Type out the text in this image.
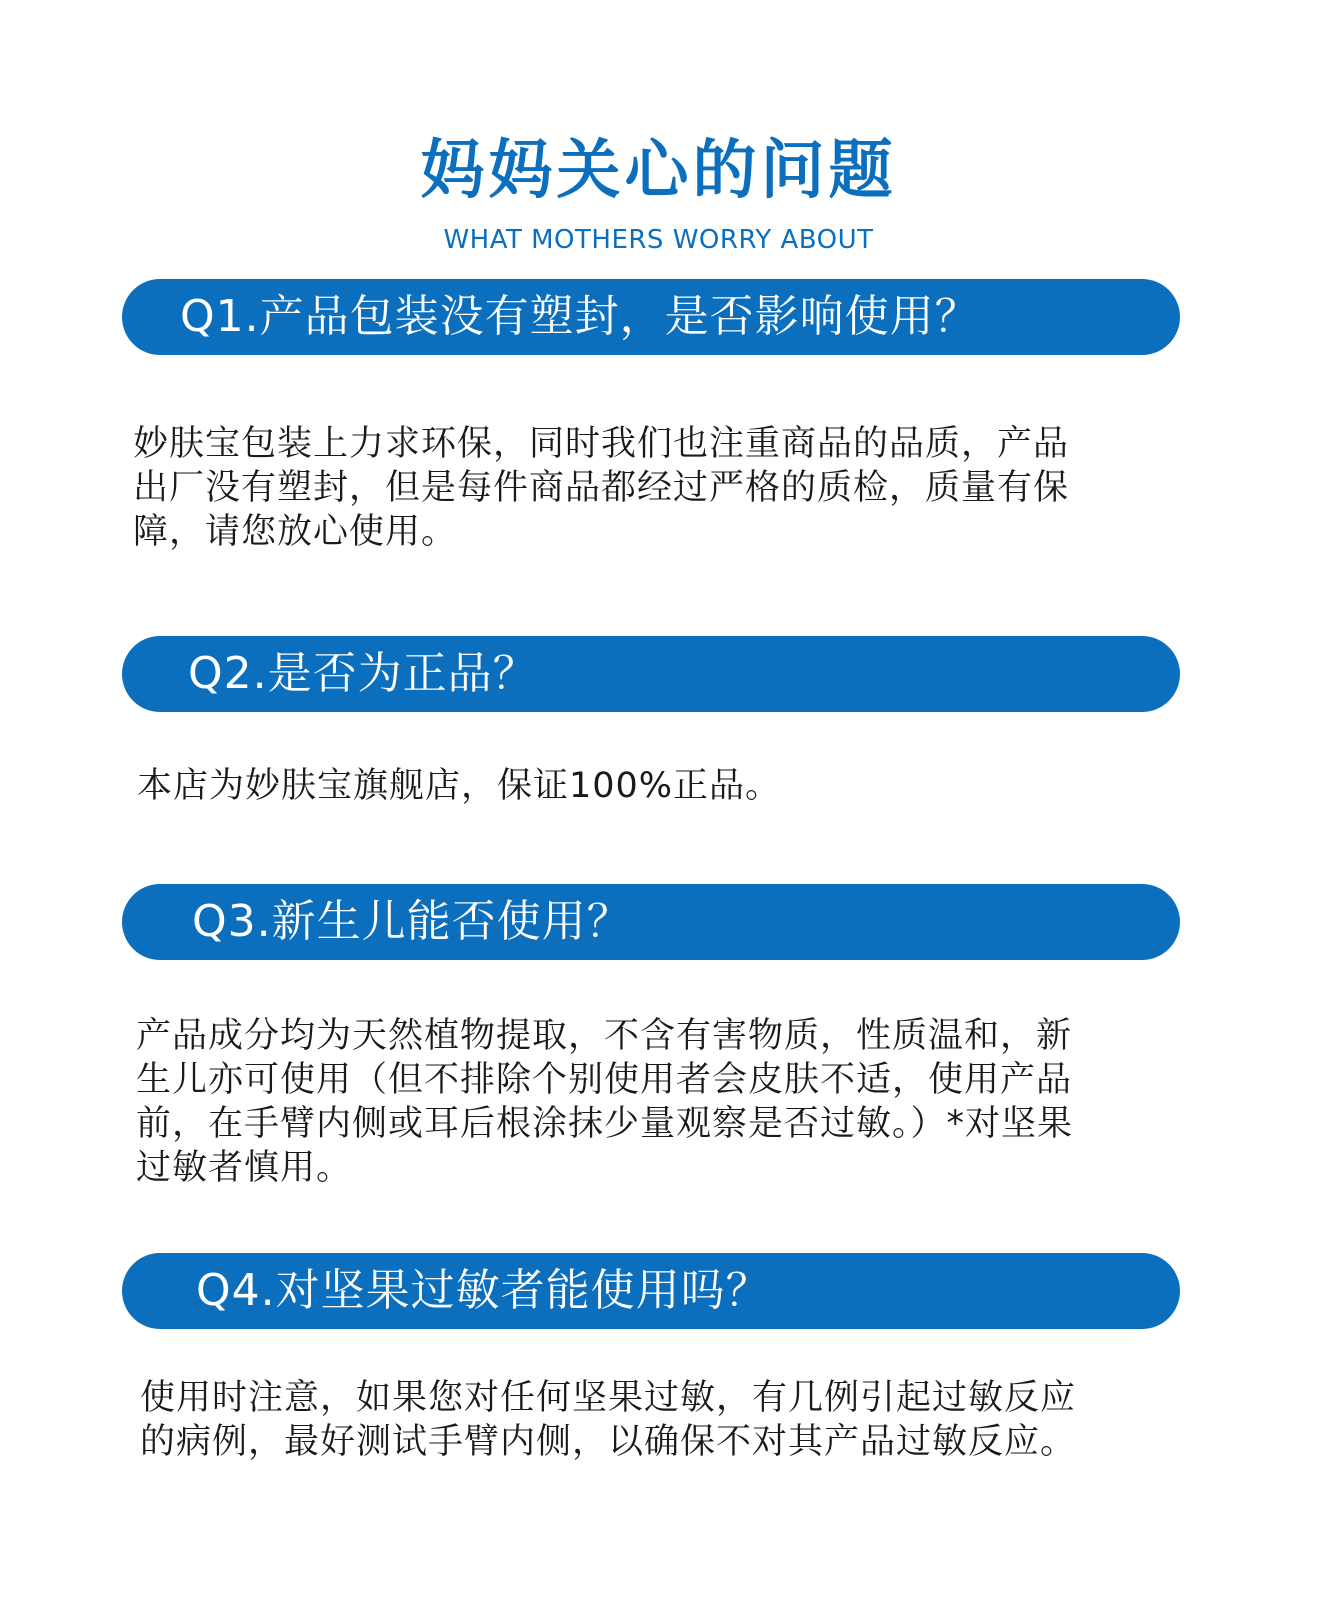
妈妈关心的问题
WHAT MOTHERS WORRY ABOUT
Q1.产品包装没有塑封，是否影响使用？
妙肤宝包装上力求环保，同时我们也注重商品的品质，产品
出厂没有塑封，但是每件商品都经过严格的质检，质量有保
障，请您放心使用。
Q2.是否为正品？
本店为妙肤宝旗舰店，保证100%正品。
Q3.新生儿能否使用？
产品成分均为天然植物提取，不含有害物质，性质温和，新
生儿亦可使用（但不排除个别使用者会皮肤不适，使用产品
前，在手臂内侧或耳后根涂抹少量观察是否过敏。）*对坚果
过敏者慎用。
Q4.对坚果过敏者能使用吗？
使用时注意，如果您对任何坚果过敏，有几例引起过敏反应
的病例，最好测试手臂内侧，以确保不对其产品过敏反应。
